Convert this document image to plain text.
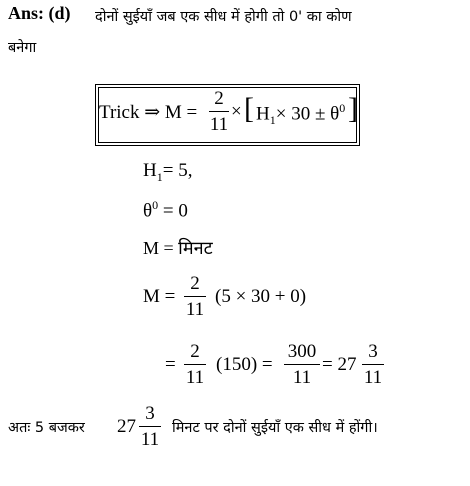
Ans: (d) दोनों सुईयाँ जब एक सीध में होगी तो 0' का कोण
बनेगा
Trick ⇒ M =
2
11
× [ $H_1\times 30 \pm \theta^0$ ]
$H_1= 5$,
$\theta^0 = 0$
M = मिनट
M =
2
11
(5 × 30 + 0)
=
2
11
(150) =
300
11
= 27
3
11
अतः 5 बजकर 27
3
11
मिनट पर दोनों सुईयाँ एक सीध में होंगी।
